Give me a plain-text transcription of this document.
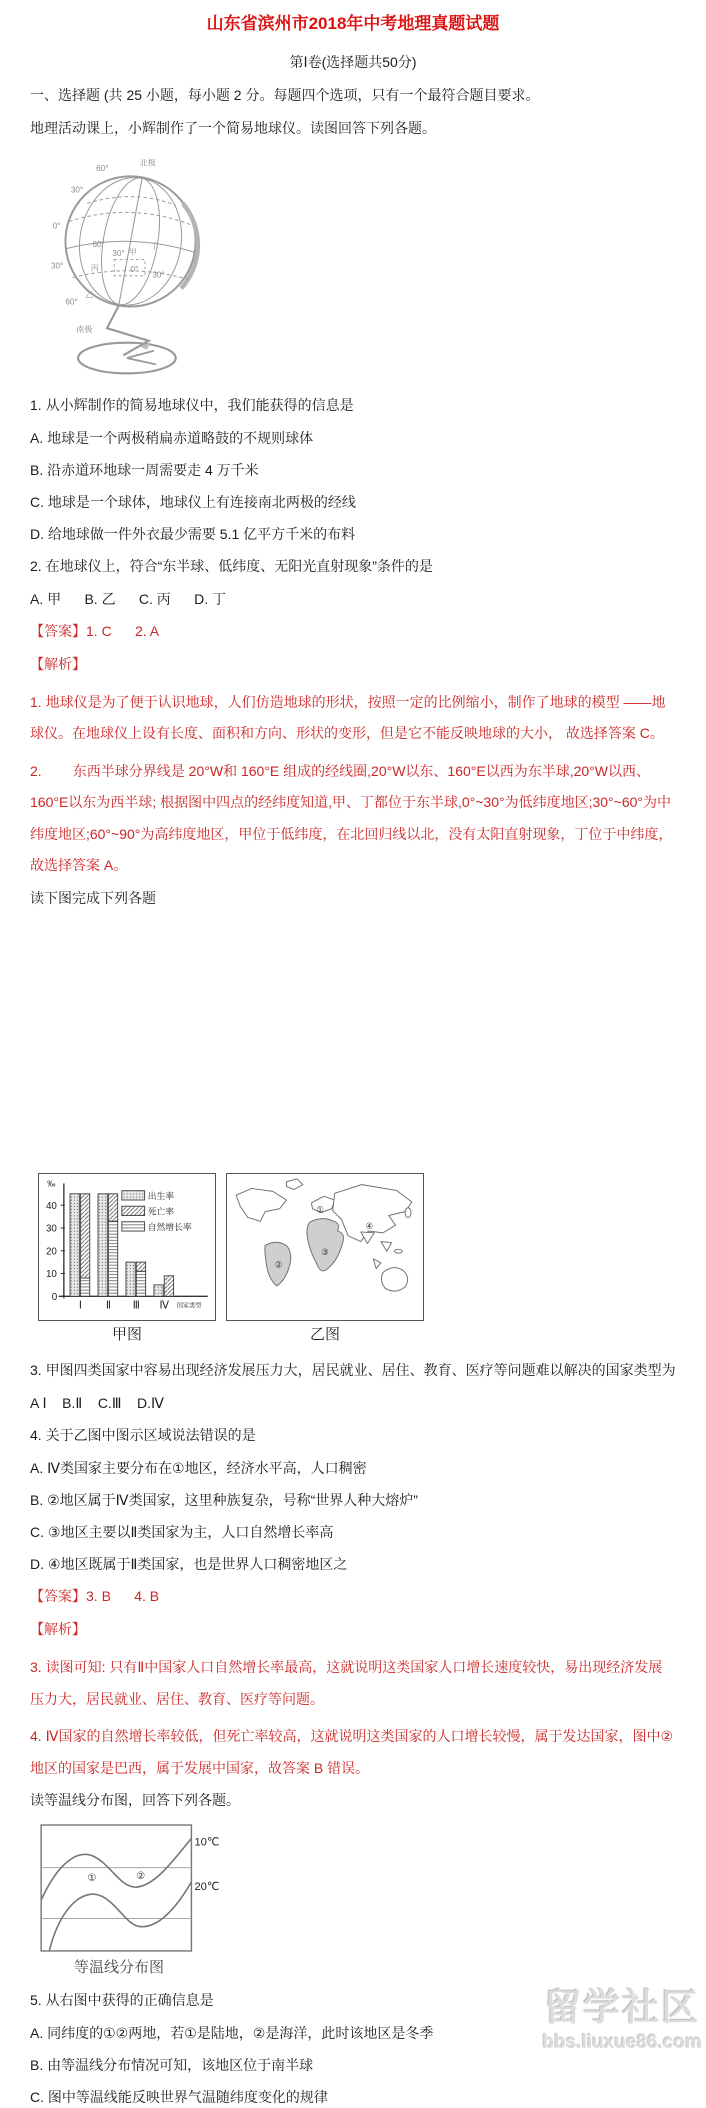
山东省滨州市2018年中考地理真题试题
第Ⅰ卷(选择题共50分)

一、选择题 (共 25 小题，每小题 2 分。每题四个选项，只有一个最符合题目要求。

地理活动课上，小辉制作了一个简易地球仪。读图回答下列各题。

60°
北极
30°
0°
30°
60°
南极
60°
30°
0°
30°
甲
丁
丙
乙

1. 从小辉制作的简易地球仪中，我们能获得的信息是

A. 地球是一个两极稍扁赤道略鼓的不规则球体

B. 沿赤道环地球一周需要走 4 万千米

C. 地球是一个球体，地球仪上有连接南北两极的经线

D. 给地球做一件外衣最少需要 5.1 亿平方千米的布料

2. 在地球仪上，符合“东半球、低纬度、无阳光直射现象”条件的是

A. 甲      B. 乙      C. 丙      D. 丁

【答案】1. C      2. A

【解析】

1. 地球仪是为了便于认识地球，人们仿造地球的形状，按照一定的比例缩小，制作了地球的模型 ——地球仪。在地球仪上设有长度、面积和方向、形状的变形，但是它不能反映地球的大小， 故选择答案 C。

2.        东西半球分界线是 20°W和 160°E 组成的经线圈,20°W以东、160°E以西为东半球,20°W以西、160°E以东为西半球; 根据图中四点的经纬度知道,甲、丁都位于东半球,0°~30°为低纬度地区;30°~60°为中纬度地区;60°~90°为高纬度地区，甲位于低纬度，在北回归线以北，没有太阳直射现象，丁位于中纬度，故选择答案 A。

读下图完成下列各题

‰
0
10
20
30
40
Ⅰ Ⅱ Ⅲ Ⅳ 国家类型
出生率
死亡率
自然增长率
甲图
①
②
③
④
乙图

3. 甲图四类国家中容易出现经济发展压力大，居民就业、居住、教育、医疗等问题难以解决的国家类型为

A Ⅰ    B.Ⅱ    C.Ⅲ    D.Ⅳ

4. 关于乙图中图示区域说法错误的是

A. Ⅳ类国家主要分布在①地区，经济水平高，人口稠密

B. ②地区属于Ⅳ类国家，这里种族复杂，号称“世界人种大熔炉”

C. ③地区主要以Ⅱ类国家为主，人口自然增长率高

D. ④地区既属于Ⅱ类国家，也是世界人口稠密地区之

【答案】3. B      4. B

【解析】

3. 读图可知: 只有Ⅱ中国家人口自然增长率最高，这就说明这类国家人口增长速度较快，易出现经济发展压力大，居民就业、居住、教育、医疗等问题。

4. Ⅳ国家的自然增长率较低，但死亡率较高，这就说明这类国家的人口增长较慢，属于发达国家，图中②地区的国家是巴西，属于发展中国家，故答案 B 错误。

读等温线分布图，回答下列各题。

①	②
10℃
20℃
等温线分布图

5. 从右图中获得的正确信息是

A. 同纬度的①②两地，若①是陆地，②是海洋，此时该地区是冬季

B. 由等温线分布情况可知，该地区位于南半球

C. 图中等温线能反映世界气温随纬度变化的规律

留学社区
bbs.liuxue86.com
